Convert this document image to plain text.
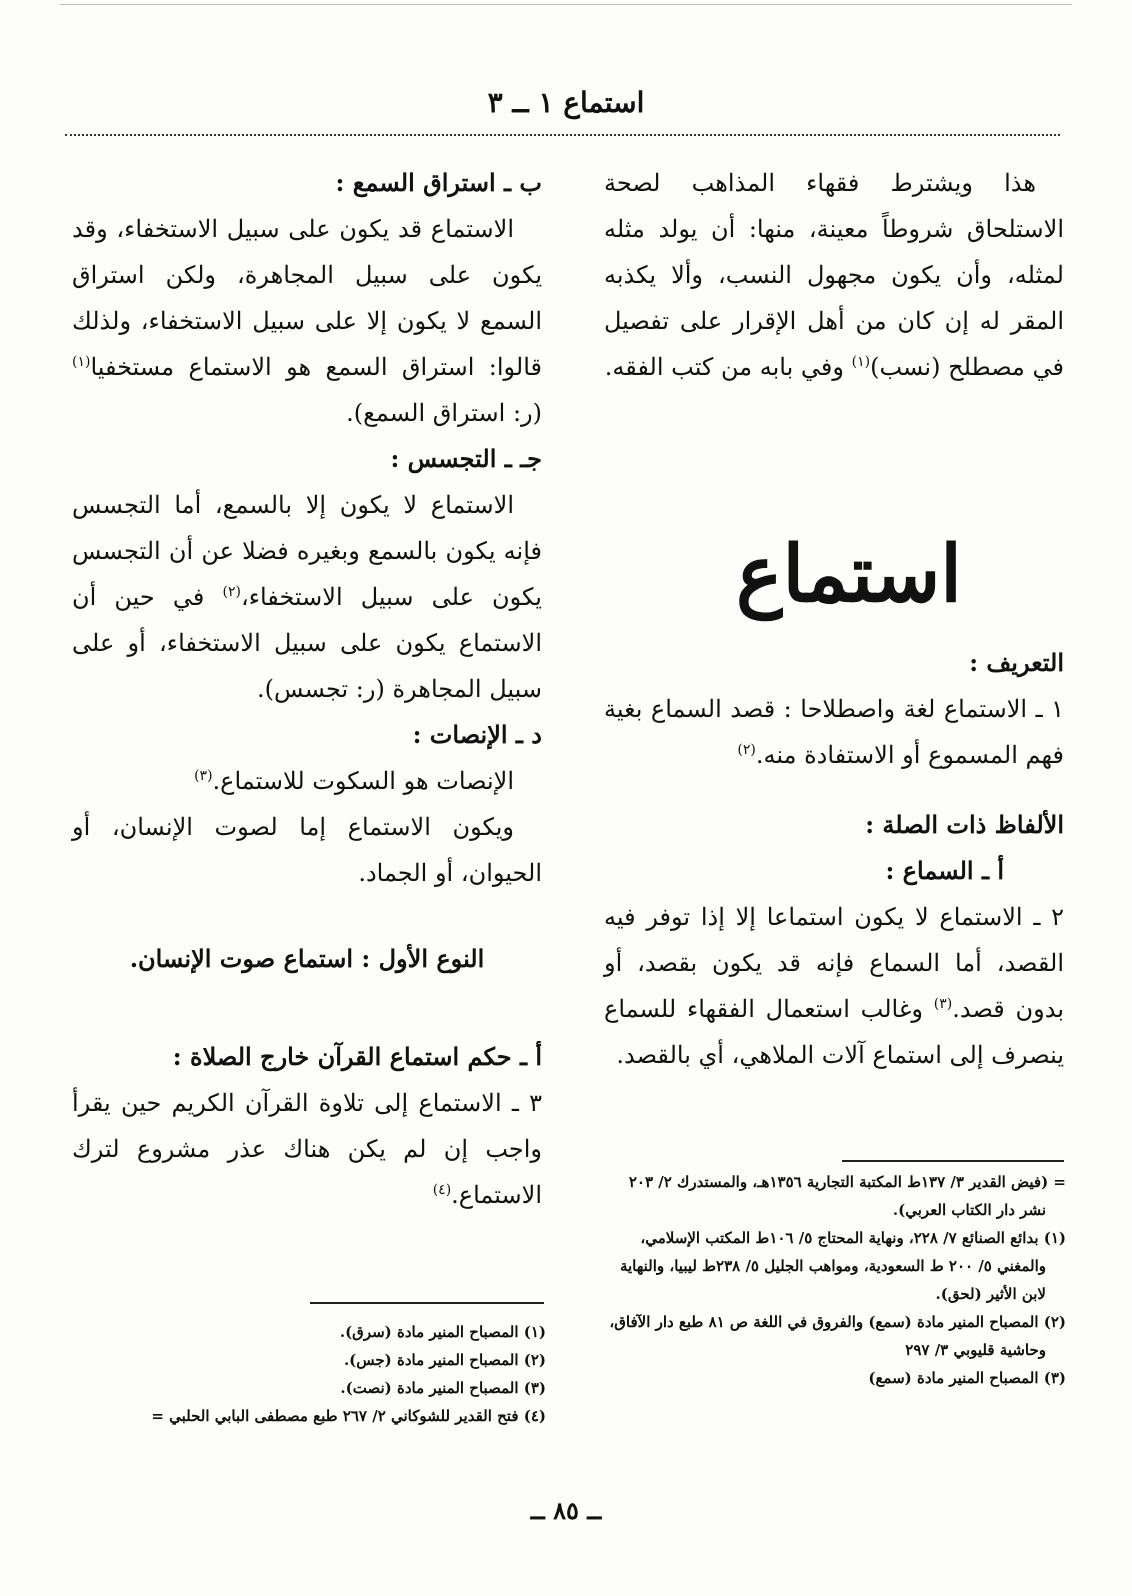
استماع ١ ــ ٣

هذا ويشترط فقهاء المذاهب لصحة الاستلحاق شروطاً معينة، منها: أن يولد مثله لمثله، وأن يكون مجهول النسب، وألا يكذبه المقر له إن كان من أهل الإقرار على تفصيل في مصطلح (نسب)$^{(١)}$ وفي بابه من كتب الفقه.

استماع

التعريف :

١ ـ الاستماع لغة واصطلاحا : قصد السماع بغية فهم المسموع أو الاستفادة منه.$^{(٢)}$

الألفاظ ذات الصلة :

أ ـ السماع :

٢ ـ الاستماع لا يكون استماعا إلا إذا توفر فيه القصد، أما السماع فإنه قد يكون بقصد، أو بدون قصد.$^{(٣)}$ وغالب استعمال الفقهاء للسماع ينصرف إلى استماع آلات الملاهي، أي بالقصد.

ب ـ استراق السمع :

الاستماع قد يكون على سبيل الاستخفاء، وقد يكون على سبيل المجاهرة، ولكن استراق السمع لا يكون إلا على سبيل الاستخفاء، ولذلك قالوا: استراق السمع هو الاستماع مستخفيا$^{(١)}$ (ر: استراق السمع).

جـ ـ التجسس :

الاستماع لا يكون إلا بالسمع، أما التجسس فإنه يكون بالسمع وبغيره فضلا عن أن التجسس يكون على سبيل الاستخفاء،$^{(٢)}$ في حين أن الاستماع يكون على سبيل الاستخفاء، أو على سبيل المجاهرة (ر: تجسس).

د ـ الإنصات :

الإنصات هو السكوت للاستماع.$^{(٣)}$

ويكون الاستماع إما لصوت الإنسان، أو الحيوان، أو الجماد.

النوع الأول : استماع صوت الإنسان.

أ ـ حكم استماع القرآن خارج الصلاة :

٣ ـ الاستماع إلى تلاوة القرآن الكريم حين يقرأ واجب إن لم يكن هناك عذر مشروع لترك الاستماع.$^{(٤)}$	= (فيض القدير ٣/ ١٣٧ط المكتبة التجارية ١٣٥٦هـ، والمستدرك ٢/ ٢٠٣ نشر دار الكتاب العربي).

(١) بدائع الصنائع ٧/ ٢٢٨، ونهاية المحتاج ٥/ ١٠٦ط المكتب الإسلامي، والمغني ٥/ ٢٠٠ ط السعودية، ومواهب الجليل ٥/ ٢٣٨ط ليبيا، والنهاية لابن الأثير (لحق).

(٢) المصباح المنير مادة (سمع) والفروق في اللغة ص ٨١ طبع دار الآفاق، وحاشية قليوبي ٣/ ٢٩٧

(٣) المصباح المنير مادة (سمع)

(١) المصباح المنير مادة (سرق).

(٢) المصباح المنير مادة (جس).

(٣) المصباح المنير مادة (نصت).

(٤) فتح القدير للشوكاني ٢/ ٢٦٧ طبع مصطفى البابي الحلبي =

ــ ٨٥ ــ
